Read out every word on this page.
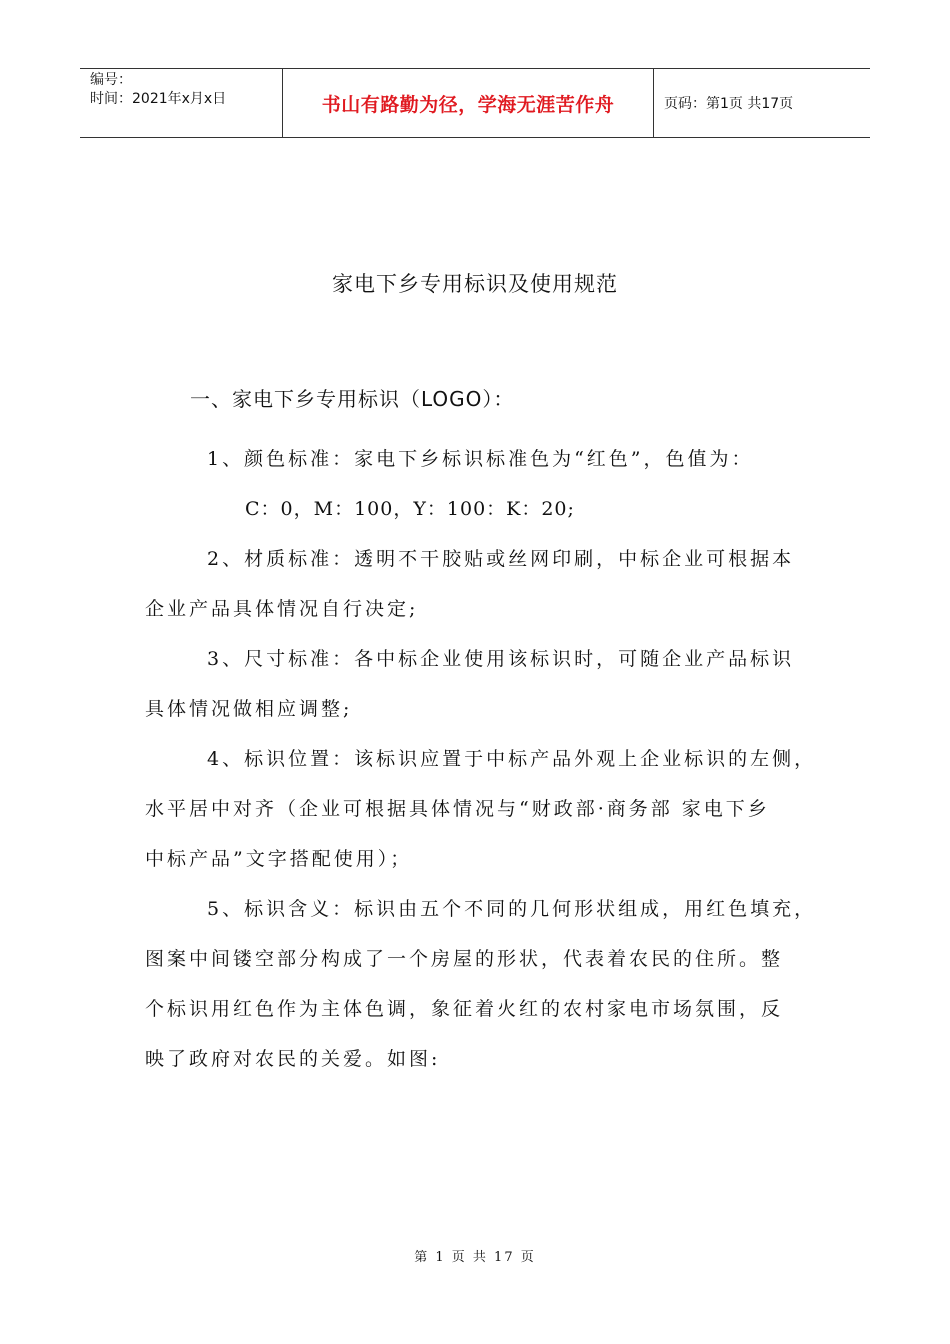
编号：
时间：2021年x月x日	书山有路勤为径，学海无涯苦作舟	页码：第1页 共17页
家电下乡专用标识及使用规范
一、家电下乡专用标识（LOGO）：
1、颜色标准：家电下乡标识标准色为“红色”，色值为：
C：0，M：100，Y：100：K：20;
2、材质标准：透明不干胶贴或丝网印刷，中标企业可根据本
企业产品具体情况自行决定;
3、尺寸标准：各中标企业使用该标识时，可随企业产品标识
具体情况做相应调整;
4、标识位置：该标识应置于中标产品外观上企业标识的左侧，
水平居中对齐（企业可根据具体情况与“财政部·商务部 家电下乡
中标产品”文字搭配使用）；
5、标识含义：标识由五个不同的几何形状组成，用红色填充，
图案中间镂空部分构成了一个房屋的形状，代表着农民的住所。整
个标识用红色作为主体色调，象征着火红的农村家电市场氛围，反
映了政府对农民的关爱。如图:
第 1 页 共 17 页
